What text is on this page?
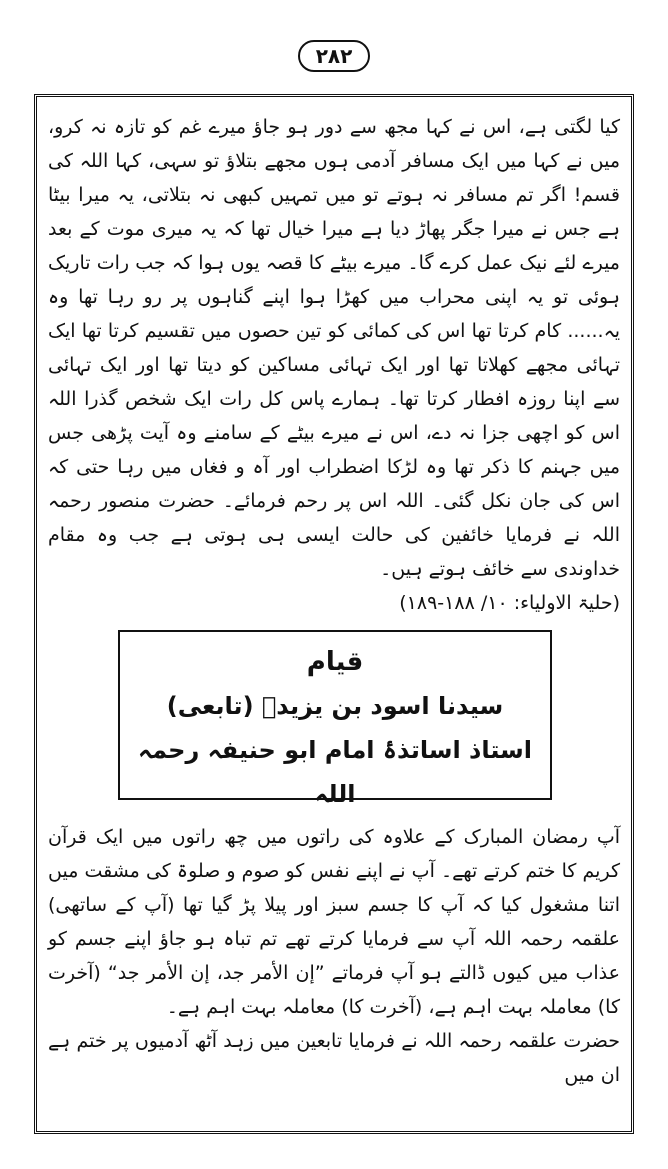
٢٨٢

کیا لگتی ہے، اس نے کہا مجھ سے دور ہو جاؤ میرے غم کو تازہ نہ کرو، میں نے کہا میں ایک مسافر آدمی ہوں مجھے بتلاؤ تو سہی، کہا اللہ کی قسم! اگر تم مسافر نہ ہوتے تو میں تمہیں کبھی نہ بتلاتی، یہ میرا بیٹا ہے جس نے میرا جگر پھاڑ دیا ہے میرا خیال تھا کہ یہ میری موت کے بعد میرے لئے نیک عمل کرے گا۔ میرے بیٹے کا قصہ یوں ہوا کہ جب رات تاریک ہوئی تو یہ اپنی محراب میں کھڑا ہوا اپنے گناہوں پر رو رہا تھا وہ یہ...... کام کرتا تھا اس کی کمائی کو تین حصوں میں تقسیم کرتا تھا ایک تہائی مجھے کھلاتا تھا اور ایک تہائی مساکین کو دیتا تھا اور ایک تہائی سے اپنا روزہ افطار کرتا تھا۔ ہمارے پاس کل رات ایک شخص گذرا اللہ اس کو اچھی جزا نہ دے، اس نے میرے بیٹے کے سامنے وہ آیت پڑھی جس میں جہنم کا ذکر تھا وہ لڑکا اضطراب اور آہ و فغاں میں رہا حتی کہ اس کی جان نکل گئی۔ اللہ اس پر رحم فرمائے۔ حضرت منصور رحمہ اللہ نے فرمایا خائفین کی حالت ایسی ہی ہوتی ہے جب وہ مقام خداوندی سے خائف ہوتے ہیں۔

(حلیۃ الاولیاء: ١٠/ ١٨٨-١٨٩)
قیام
سیدنا اسود بن یزیدؒ (تابعی)
استاذ اساتذۂ امام ابو حنیفہ رحمہ اللہ

آپ رمضان المبارک کے علاوہ کی راتوں میں چھ راتوں میں ایک قرآن کریم کا ختم کرتے تھے۔ آپ نے اپنے نفس کو صوم و صلوۃ کی مشقت میں اتنا مشغول کیا کہ آپ کا جسم سبز اور پیلا پڑ گیا تھا (آپ کے ساتھی) علقمہ رحمہ اللہ آپ سے فرمایا کرتے تھے تم تباہ ہو جاؤ اپنے جسم کو عذاب میں کیوں ڈالتے ہو آپ فرماتے ”إن الأمر جد، إن الأمر جد“ (آخرت کا) معاملہ بہت اہم ہے، (آخرت کا) معاملہ بہت اہم ہے۔

حضرت علقمہ رحمہ اللہ نے فرمایا تابعین میں زہد آٹھ آدمیوں پر ختم ہے ان میں
